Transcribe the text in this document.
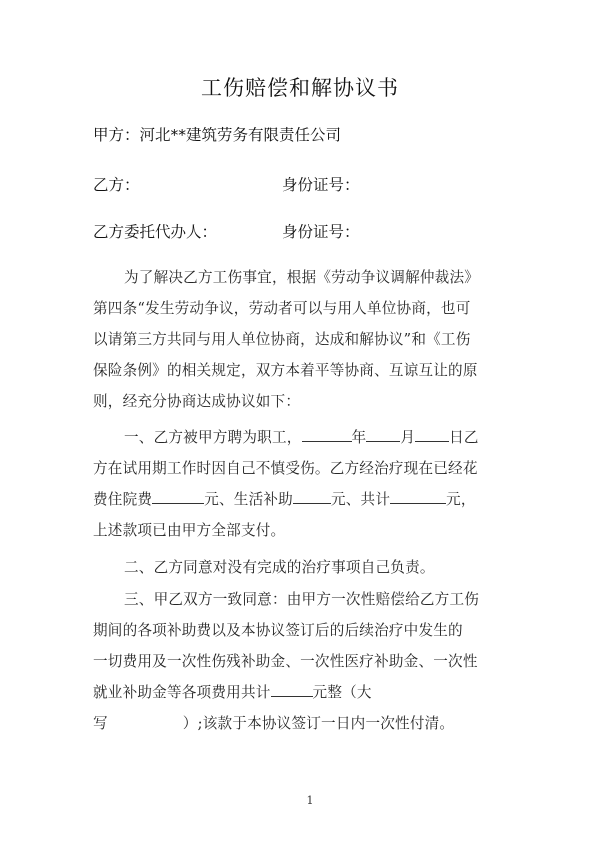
工伤赔偿和解协议书
甲方：河北**建筑劳务有限责任公司
乙方：	身份证号：
乙方委托代办人：	身份证号：
为了解决乙方工伤事宜，根据《劳动争议调解仲裁法》
第四条“发生劳动争议，劳动者可以与用人单位协商，也可
以请第三方共同与用人单位协商，达成和解协议”和《工伤
保险条例》的相关规定，双方本着平等协商、互谅互让的原
则，经充分协商达成协议如下：
一、乙方被甲方聘为职工，	年 月 日乙
方在试用期工作时因自己不慎受伤。乙方经治疗现在已经花
费住院费	元、生活补助	元、共计	元，
上述款项已由甲方全部支付。
二、乙方同意对没有完成的治疗事项自己负责。
三、甲乙双方一致同意：由甲方一次性赔偿给乙方工伤
期间的各项补助费以及本协议签订后的后续治疗中发生的
一切费用及一次性伤残补助金、一次性医疗补助金、一次性
就业补助金等各项费用共计	元整（大
写	）;该款于本协议签订一日内一次性付清。
1
